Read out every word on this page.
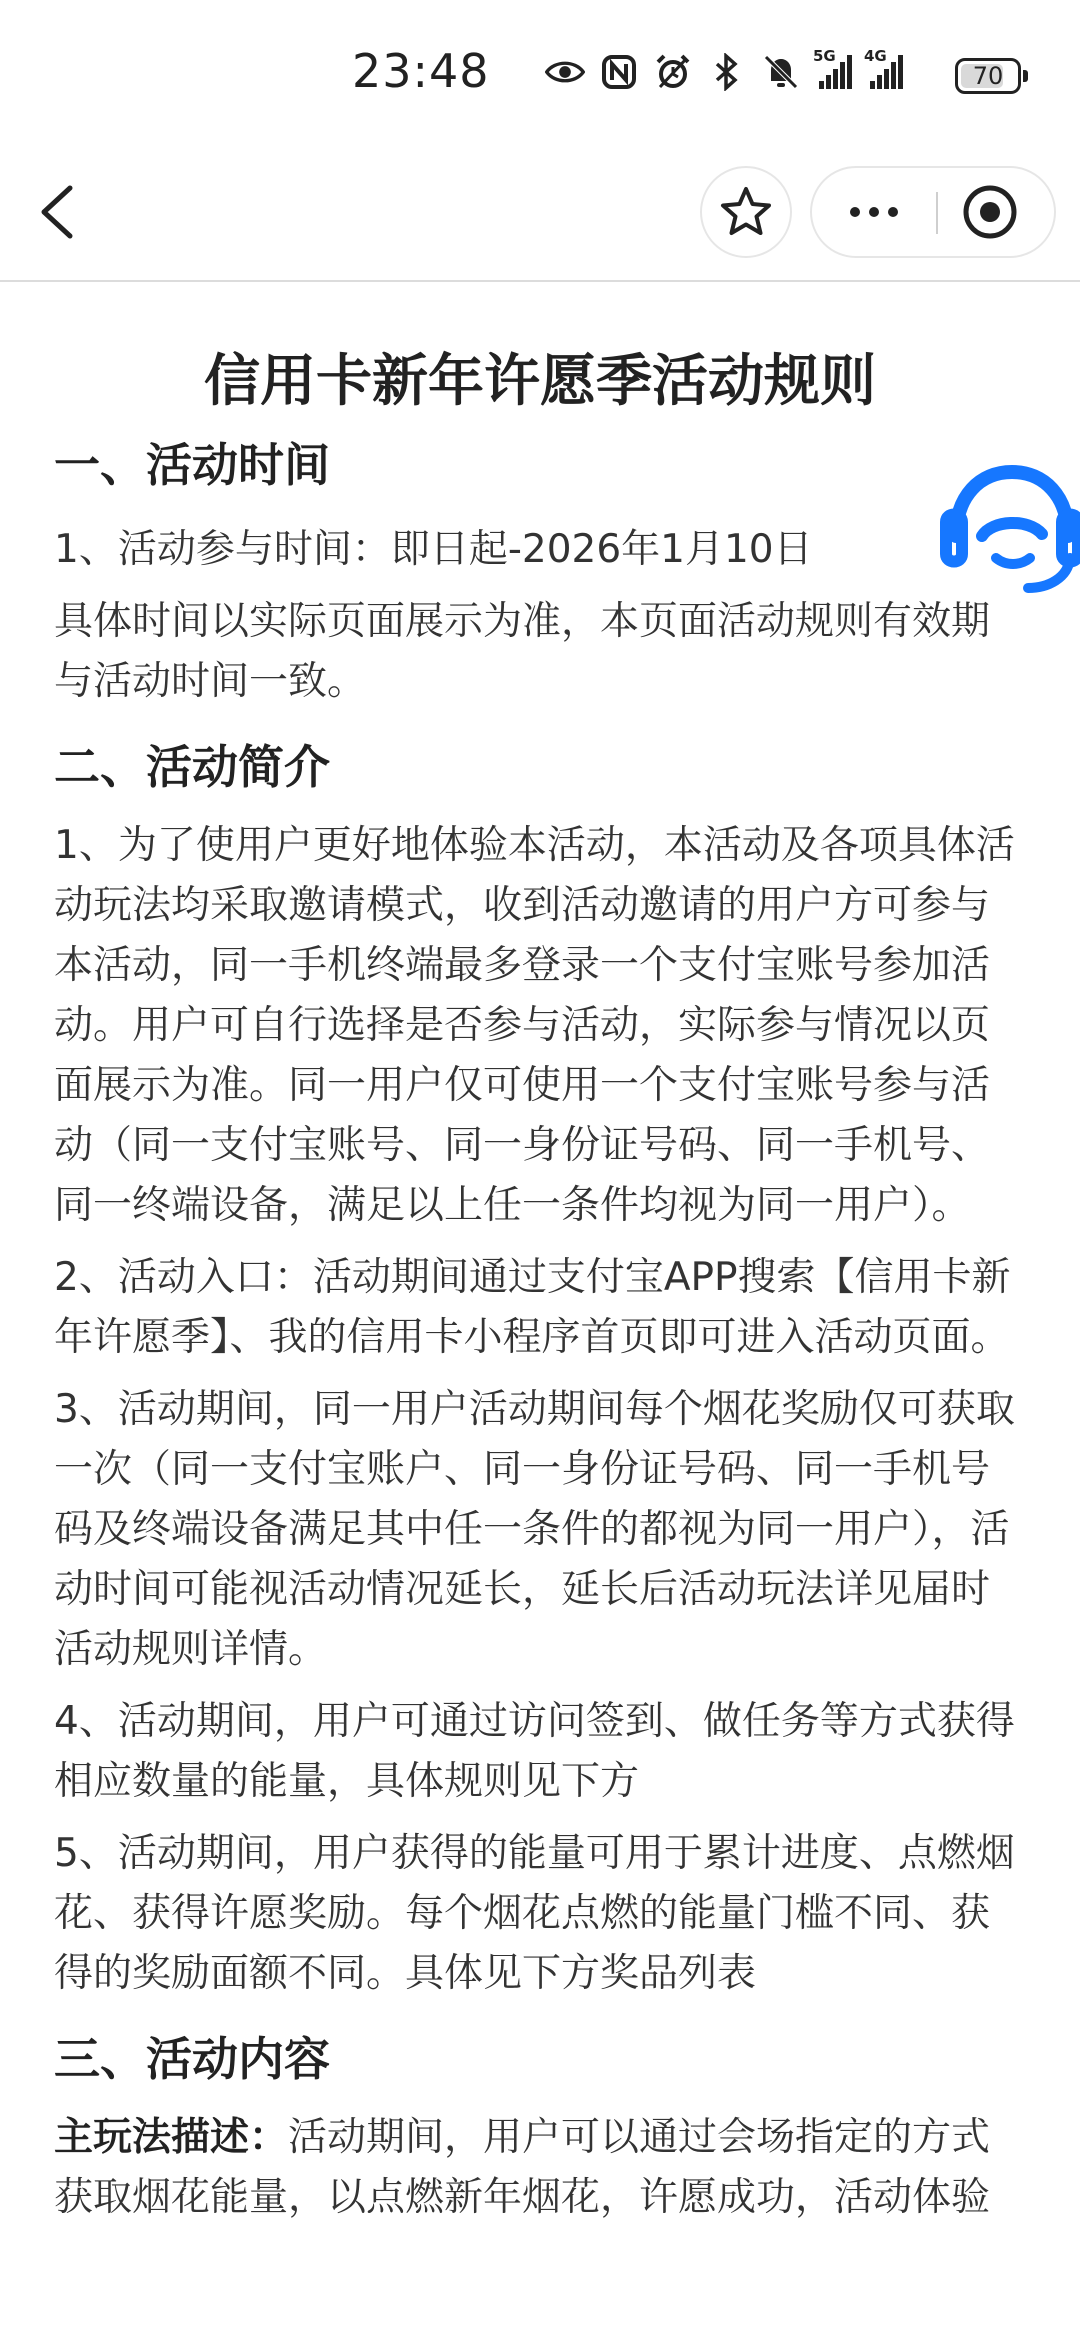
23:48	5G 4G
70
信用卡新年许愿季活动规则
一、活动时间

1、活动参与时间：即日起-2026年1月10日

具体时间以实际页面展示为准，本页面活动规则有效期与活动时间一致。

二、活动简介

1、为了使用户更好地体验本活动，本活动及各项具体活动玩法均采取邀请模式，收到活动邀请的用户方可参与本活动，同一手机终端最多登录一个支付宝账号参加活动。用户可自行选择是否参与活动，实际参与情况以页面展示为准。同一用户仅可使用一个支付宝账号参与活动（同一支付宝账号、同一身份证号码、同一手机号、同一终端设备，满足以上任一条件均视为同一用户）。

2、活动入口：活动期间通过支付宝APP搜索【信用卡新年许愿季】、我的信用卡小程序首页即可进入活动页面。

3、活动期间，同一用户活动期间每个烟花奖励仅可获取一次（同一支付宝账户、同一身份证号码、同一手机号码及终端设备满足其中任一条件的都视为同一用户），活动时间可能视活动情况延长，延长后活动玩法详见届时活动规则详情。

4、活动期间，用户可通过访问签到、做任务等方式获得相应数量的能量，具体规则见下方

5、活动期间，用户获得的能量可用于累计进度、点燃烟花、获得许愿奖励。每个烟花点燃的能量门槛不同、获得的奖励面额不同。具体见下方奖品列表

三、活动内容

主玩法描述：活动期间，用户可以通过会场指定的方式获取烟花能量，以点燃新年烟花，许愿成功，活动体验
